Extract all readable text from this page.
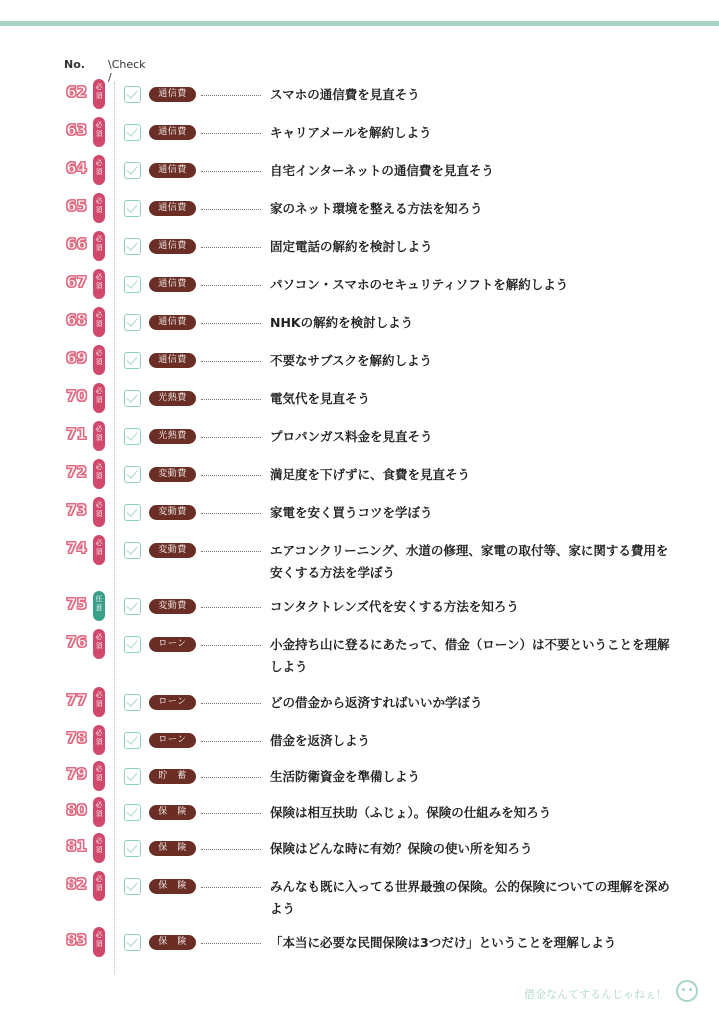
No. \Check /
62	必須	通信費	スマホの通信費を見直そう
63	必須	通信費	キャリアメールを解約しよう
64	必須	通信費	自宅インターネットの通信費を見直そう
65	必須	通信費	家のネット環境を整える方法を知ろう
66	必須	通信費	固定電話の解約を検討しよう
67	必須	通信費	パソコン・スマホのセキュリティソフトを解約しよう
68	必須	通信費	NHKの解約を検討しよう
69	必須	通信費	不要なサブスクを解約しよう
70	必須	光熱費	電気代を見直そう
71	必須	光熱費	プロパンガス料金を見直そう
72	必須	変動費	満足度を下げずに、食費を見直そう
73	必須	変動費	家電を安く買うコツを学ぼう
74	必須	変動費	エアコンクリーニング、水道の修理、家電の取付等、家に関する費用を安くする方法を学ぼう
75	任意	変動費	コンタクトレンズ代を安くする方法を知ろう
76	必須	ローン	小金持ち山に登るにあたって、借金（ローン）は不要ということを理解しよう
77	必須	ローン	どの借金から返済すればいいか学ぼう
78	必須	ローン	借金を返済しよう
79	必須	貯　蓄	生活防衛資金を準備しよう
80	必須	保　険	保険は相互扶助（ふじょ）。保険の仕組みを知ろう
81	必須	保　険	保険はどんな時に有効？保険の使い所を知ろう
82	必須	保　険	みんなも既に入ってる世界最強の保険。公的保険についての理解を深めよう
83	必須	保　険	「本当に必要な民間保険は3つだけ」ということを理解しよう
借金なんてするんじゃねぇ！
